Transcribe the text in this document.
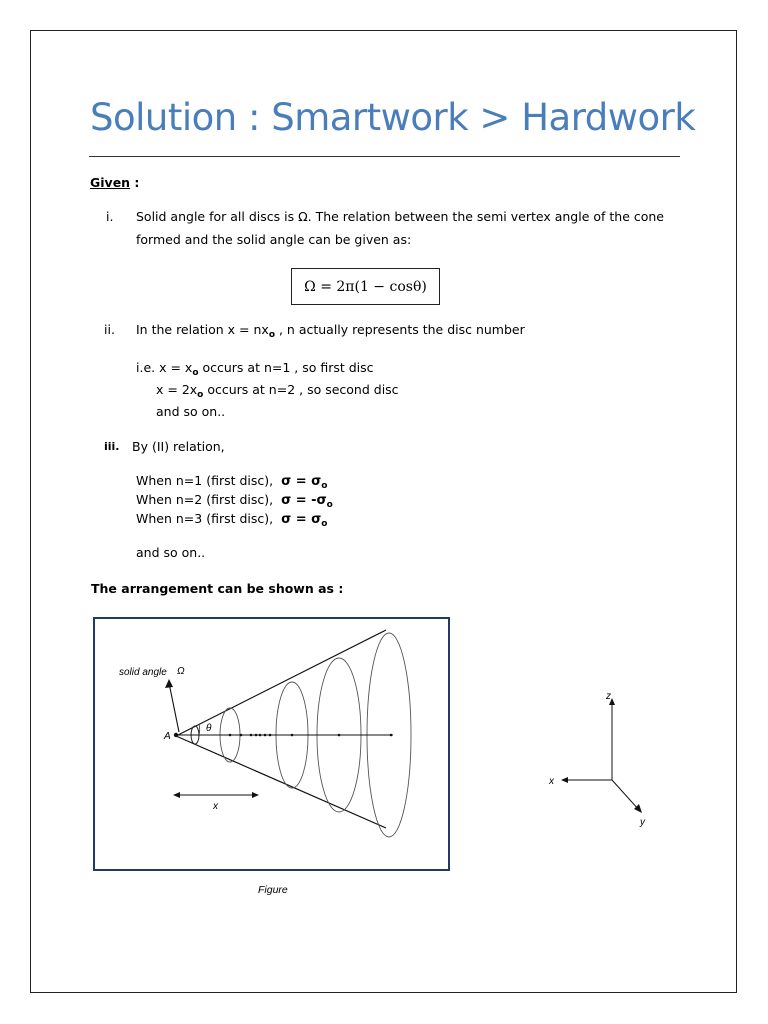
Solution : Smartwork > Hardwork
Given :
i. Solid angle for all discs is Ω. The relation between the semi vertex angle of the cone
formed and the solid angle can be given as:
Ω = 2π(1 − cosθ)
ii. In the relation $x = nx_o$ , n actually represents the disc number
i.e. $x = x_o$ occurs at n=1 , so first disc
$x = 2x_o$ occurs at n=2 , so second disc
and so on..
iii. By (II) relation,
When n=1 (first disc), $\sigma = \sigma_o$
When n=2 (first disc), $\sigma = -\sigma_o$
When n=3 (first disc), $\sigma = \sigma_o$
and so on..
The arrangement can be shown as :
θ
solid angle Ω
A
x
Figure
z
x
y
